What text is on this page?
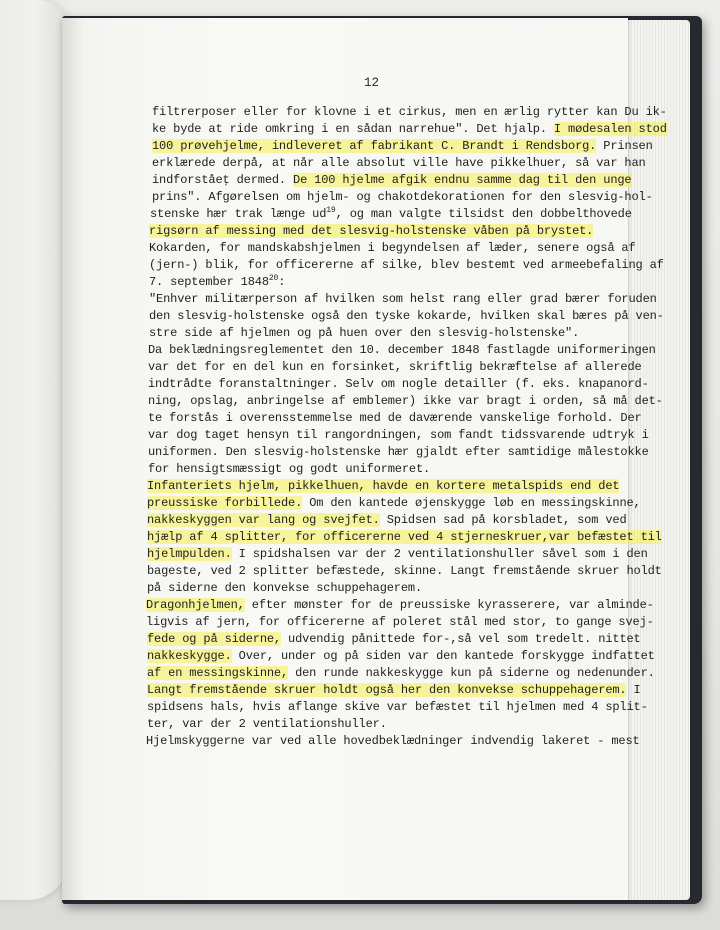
12
filtrerposer eller for klovne i et cirkus, men en ærlig rytter kan Du ik-
ke byde at ride omkring i en sådan narrehue". Det hjalp. I mødesalen stod
100 prøvehjelme, indleveret af fabrikant C. Brandt i Rendsborg. Prinsen
erklærede derpå, at når alle absolut ville have pikkelhuer, så var han
indforståeţ dermed. De 100 hjelme afgik endnu samme dag til den unge
prins". Afgørelsen om hjelm- og chakotdekorationen for den slesvig-hol-
stenske hær trak længe $ud^{19}$, og man valgte tilsidst den dobbelthovede
rigsørn af messing med det slesvig-holstenske våben på brystet.
Kokarden, for mandskabshjelmen i begyndelsen af læder, senere også af
(jern-) blik, for officererne af silke, blev bestemt ved armeebefaling af
7. september 1848$^{20}$:
"Enhver militærperson af hvilken som helst rang eller grad bærer foruden
den slesvig-holstenske også den tyske kokarde, hvilken skal bæres på ven-
stre side af hjelmen og på huen over den slesvig-holstenske".
Da beklædningsreglementet den 10. december 1848 fastlagde uniformeringen
var det for en del kun en forsinket, skriftlig bekræftelse af allerede
indtrådte foranstaltninger. Selv om nogle detailler (f. eks. knapanord-
ning, opslag, anbringelse af emblemer) ikke var bragt i orden, så må det-
te forstås i overensstemmelse med de daværende vanskelige forhold. Der
var dog taget hensyn til rangordningen, som fandt tidssvarende udtryk i
uniformen. Den slesvig-holstenske hær gjaldt efter samtidige målestokke
for hensigtsmæssigt og godt uniformeret.
Infanteriets hjelm, pikkelhuen, havde en kortere metalspids end det
preussiske forbillede. Om den kantede øjenskygge løb en messingskinne,
nakkeskyggen var lang og svejfet. Spidsen sad på korsbladet, som ved
hjælp af 4 splitter, for officererne ved 4 stjerneskruer,var befæstet til
hjelmpulden. I spidshalsen var der 2 ventilationshuller såvel som i den
bageste, ved 2 splitter befæstede, skinne. Langt fremstående skruer holdt
på siderne den konvekse schuppehagerem.
Dragonhjelmen, efter mønster for de preussiske kyrasserere, var alminde-
ligvis af jern, for officererne af poleret stål med stor, to gange svej-
fede og på siderne, udvendig pånittede for-,så vel som tredelt. nittet
nakkeskygge. Over, under og på siden var den kantede forskygge indfattet
af en messingskinne, den runde nakkeskygge kun på siderne og nedenunder.
Langt fremstående skruer holdt også her den konvekse schuppehagerem. I
spidsens hals, hvis aflange skive var befæstet til hjelmen med 4 split-
ter, var der 2 ventilationshuller.
Hjelmskyggerne var ved alle hovedbeklædninger indvendig lakeret - mest
